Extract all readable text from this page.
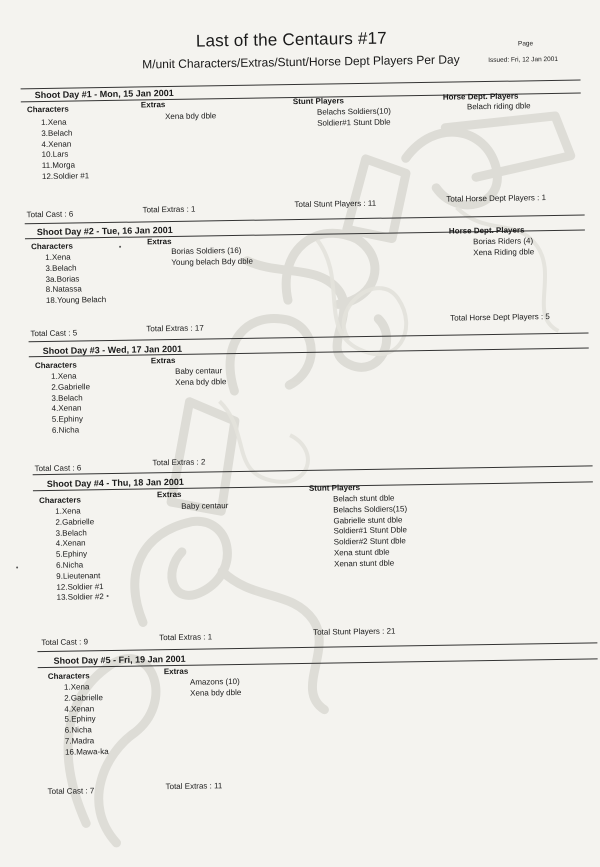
Last of the Centaurs #17
M/unit Characters/Extras/Stunt/Horse Dept Players Per Day
Page
Issued: Fri, 12 Jan 2001
Shoot Day #1 - Mon, 15 Jan 2001
Characters	Extras	Stunt Players	Horse Dept. Players
1.Xena
3.Belach
4.Xenan
10.Lars
11.Morga
12.Soldier #1
Xena bdy dble	Belachs Soldiers(10)
Soldier#1 Stunt Dble
Belach riding dble
Total Cast : 6	Total Extras : 1
Total Stunt Players : 11
Total Horse Dept Players : 1
Shoot Day #2 - Tue, 16 Jan 2001
Characters	Extras
Horse Dept. Players
1.Xena
3.Belach
3a.Borias
8.Natassa
18.Young Belach
Borias Soldiers (16)
Young belach Bdy dble
Borias Riders (4)
Xena Riding dble
Total Cast : 5	Total Extras : 17
Total Horse Dept Players : 5
Shoot Day #3 - Wed, 17 Jan 2001
Characters	Extras
1.Xena
2.Gabrielle
3.Belach
4.Xenan
5.Ephiny
6.Nicha
Baby centaur
Xena bdy dble
Total Cast : 6
Total Extras : 2
Shoot Day #4 - Thu, 18 Jan 2001
Characters
Extras
Stunt Players
1.Xena
2.Gabrielle
3.Belach
4.Xenan
5.Ephiny
6.Nicha
9.Lieutenant
12.Soldier #1
13.Soldier #2
Baby centaur
Belach stunt dble
Belachs Soldiers(15)
Gabrielle stunt dble
Soldier#1 Stunt Dble
Soldier#2 Stunt dble
Xena stunt dble
Xenan stunt dble
Total Cast : 9	Total Extras : 1
Total Stunt Players : 21
Shoot Day #5 - Fri, 19 Jan 2001
Characters	Extras
1.Xena
2.Gabrielle
4.Xenan
5.Ephiny
6.Nicha
7.Madra
16.Mawa-ka
Amazons (10)
Xena bdy dble
Total Cast : 7	Total Extras : 11
